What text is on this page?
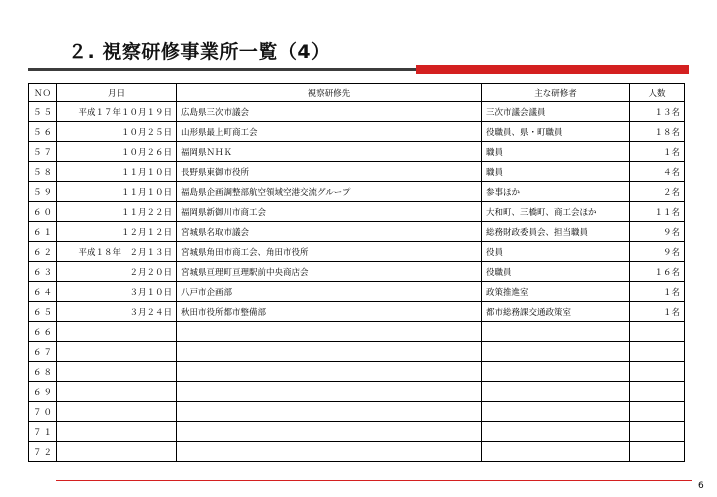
２. 視察研修事業所一覧（4）
ＮＯ	月日	視察研修先	主な研修者	人数
５５	平成１７年１０月１９日	広島県三次市議会	三次市議会議員	１３名
５６	１０月２５日	山形県最上町商工会	役職員、県・町職員	１８名
５７	１０月２６日	福岡県ＮＨＫ	職員	１名
５８	１１月１０日	長野県東御市役所	職員	４名
５９	１１月１０日	福島県企画調整部航空領域空港交流グループ	参事ほか	２名
６０	１１月２２日	福岡県新御川市商工会	大和町、三橋町、商工会ほか	１１名
６１	１２月１２日	宮城県名取市議会	総務財政委員会、担当職員	９名
６２	平成１８年　２月１３日	宮城県角田市商工会、角田市役所	役員	９名
６３	２月２０日	宮城県亘理町亘理駅前中央商店会	役職員	１６名
６４	３月１０日	八戸市企画部	政策推進室	１名
６５	３月２４日	秋田市役所都市整備部	都市総務課交通政策室	１名
６６				
６７				
６８				
６９				
７０				
７１				
７２				
6
